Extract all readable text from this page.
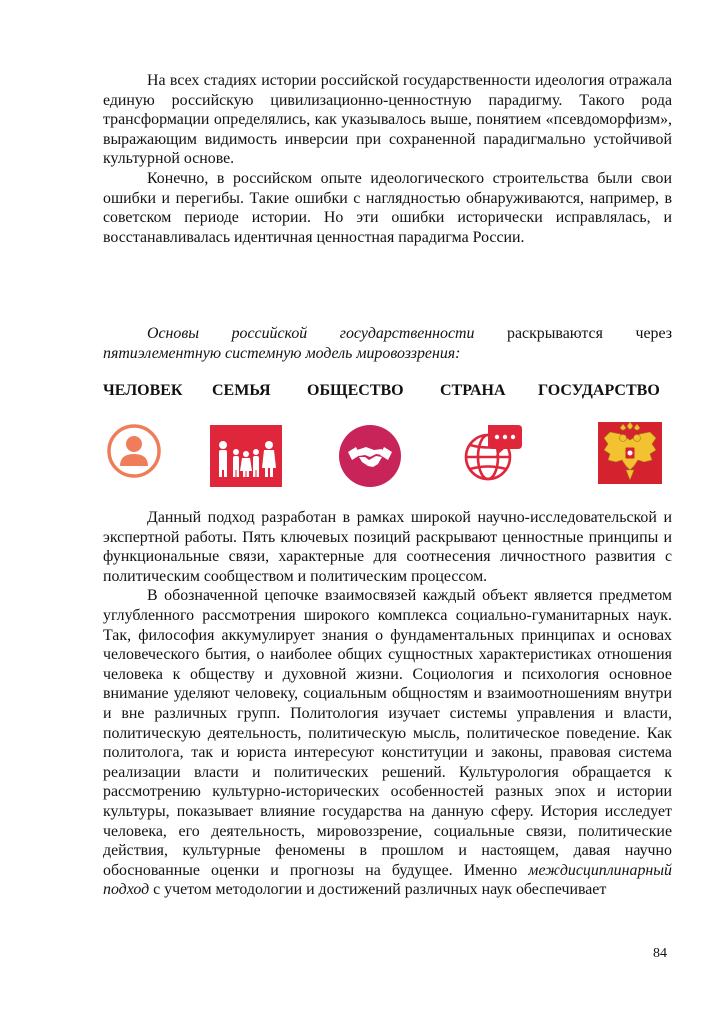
На всех стадиях истории российской государственности идеология отражала единую российскую цивилизационно-ценностную парадигму. Такого рода трансформации определялись, как указывалось выше, понятием «псевдоморфизм», выражающим видимость инверсии при сохраненной парадигмально устойчивой культурной основе.

Конечно, в российском опыте идеологического строительства были свои ошибки и перегибы. Такие ошибки с наглядностью обнаруживаются, например, в советском периоде истории. Но эти ошибки исторически исправлялась, и восстанавливалась идентичная ценностная парадигма России.

Основы российской государственности раскрываются через пятиэлементную системную модель мировоззрения:

ЧЕЛОВЕК СЕМЬЯ ОБЩЕСТВО СТРАНА ГОСУДАРСТВО

Данный подход разработан в рамках широкой научно-исследовательской и экспертной работы. Пять ключевых позиций раскрывают ценностные принципы и функциональные связи, характерные для соотнесения личностного развития с политическим сообществом и политическим процессом.

В обозначенной цепочке взаимосвязей каждый объект является предметом углубленного рассмотрения широкого комплекса социально-гуманитарных наук. Так, философия аккумулирует знания о фундаментальных принципах и основах человеческого бытия, о наиболее общих сущностных характеристиках отношения человека к обществу и духовной жизни. Социология и психология основное внимание уделяют человеку, социальным общностям и взаимоотношениям внутри и вне различных групп. Политология изучает системы управления и власти, политическую деятельность, политическую мысль, политическое поведение. Как политолога, так и юриста интересуют конституции и законы, правовая система реализации власти и политических решений. Культурология обращается к рассмотрению культурно-исторических особенностей разных эпох и истории культуры, показывает влияние государства на данную сферу. История исследует человека, его деятельность, мировоззрение, социальные связи, политические действия, культурные феномены в прошлом и настоящем, давая научно обоснованные оценки и прогнозы на будущее. Именно междисциплинарный подход с учетом методологии и достижений различных наук обеспечивает

84
